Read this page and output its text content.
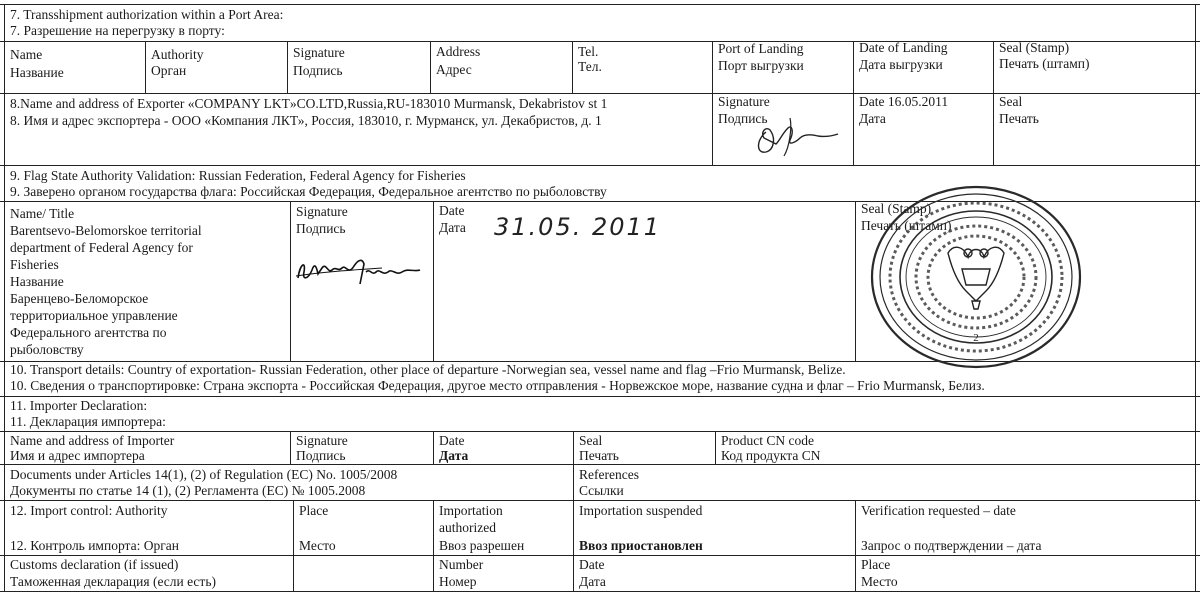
7. Transshipment authorization within a Port Area:
7. Разрешение на перегрузку в порту:
Name
Название
Authority
Орган
Signature
Подпись
Address
Адрес
Tel.
Тел.
Port of Landing
Порт выгрузки
Date of Landing
Дата выгрузки
Seal (Stamp)
Печать (штамп)
8.Name and address of Exporter «COMPANY LKT»CO.LTD,Russia,RU-183010 Murmansk, Dekabristov st 1
8. Имя и адрес экспортера - ООО «Компания ЛКТ», Россия, 183010, г. Мурманск, ул. Декабристов, д. 1
Signature
Подпись
Date 16.05.2011
Дата
Seal
Печать
9. Flag State Authority Validation: Russian Federation, Federal Agency for Fisheries
9. Заверено органом государства флага: Российская Федерация, Федеральное агентство по рыболовству
Name/ Title
Barentsevo-Belomorskoe territorial
department of Federal Agency for
Fisheries
Название
Баренцево-Беломорское
территориальное управление
Федерального агентства по
рыболовству
Signature
Подпись
Date
Дата 31.05. 2011
Seal (Stamp)
Печать (штамп)
2
10. Transport details: Country of exportation- Russian Federation, other place of departure -Norwegian sea, vessel name and flag –Frio Murmansk, Belize.
10. Сведения о транспортировке: Страна экспорта - Российская Федерация, другое место отправления - Норвежское море, название судна и флаг – Frio Murmansk, Белиз.
11. Importer Declaration:
11. Декларация импортера:
Name and address of Importer
Имя и адрес импортера
Signature
Подпись
Date
Дата
Seal
Печать
Product CN code
Код продукта CN
Documents under Articles 14(1), (2) of Regulation (EC) No. 1005/2008
Документы по статье 14 (1), (2) Регламента (ЕС) № 1005.2008
References
Ссылки
12. Import control: Authority
12. Контроль импорта: Орган
Place
Место
Importation
authorized
Ввоз разрешен
Importation suspended
Ввоз приостановлен
Verification requested – date
Запрос о подтверждении – дата
Customs declaration (if issued)
Таможенная декларация (если есть)
Number
Номер
Date
Дата
Place
Место
